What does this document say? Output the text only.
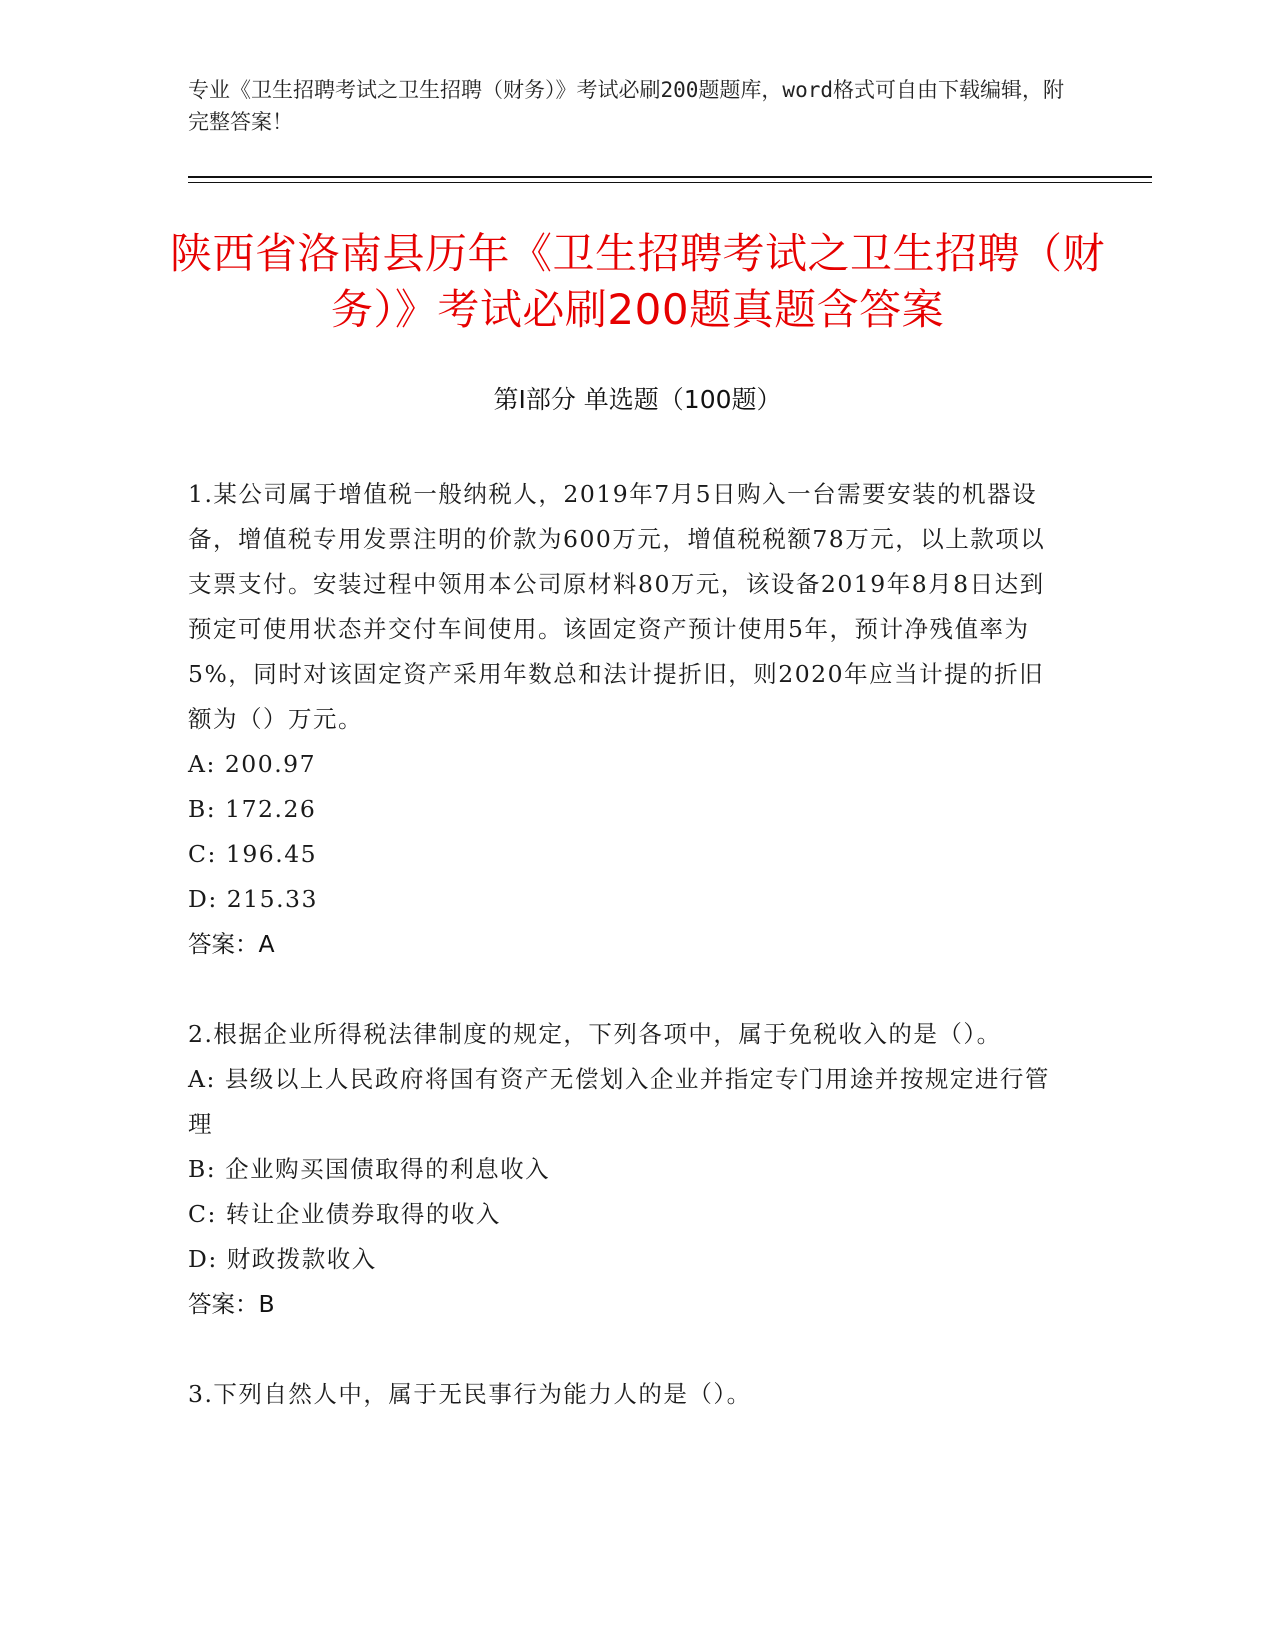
专业《卫生招聘考试之卫生招聘（财务）》考试必刷200题题库，word格式可自由下载编辑，附完整答案！
陕西省洛南县历年《卫生招聘考试之卫生招聘（财务）》考试必刷200题真题含答案
第Ⅰ部分 单选题（100题）

1.某公司属于增值税一般纳税人，2019年7月5日购入一台需要安装的机器设备，增值税专用发票注明的价款为600万元，增值税税额78万元，以上款项以支票支付。安装过程中领用本公司原材料80万元，该设备2019年8月8日达到预定可使用状态并交付车间使用。该固定资产预计使用5年，预计净残值率为5%，同时对该固定资产采用年数总和法计提折旧，则2020年应当计提的折旧额为（）万元。

A: 200.97

B: 172.26

C: 196.45

D: 215.33

答案：A

2.根据企业所得税法律制度的规定，下列各项中，属于免税收入的是（）。

A: 县级以上人民政府将国有资产无偿划入企业并指定专门用途并按规定进行管理

B: 企业购买国债取得的利息收入

C: 转让企业债券取得的收入

D: 财政拨款收入

答案：B

3.下列自然人中，属于无民事行为能力人的是（）。
